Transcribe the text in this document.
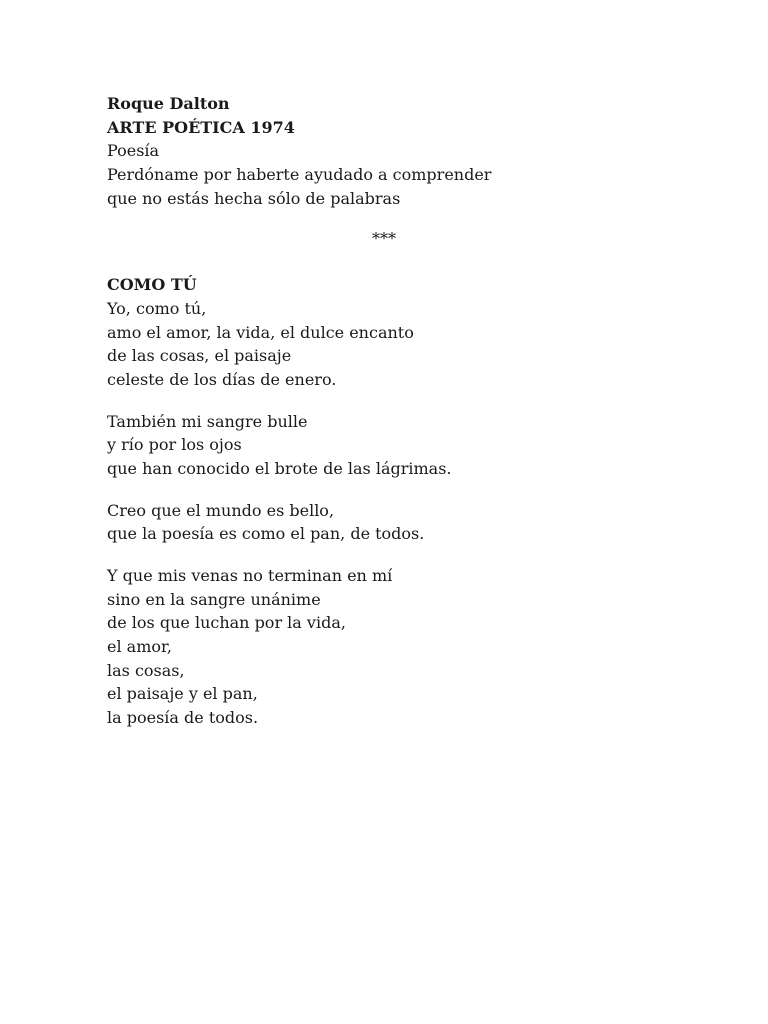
Roque Dalton
ARTE POÉTICA 1974
Poesía
Perdóname por haberte ayudado a comprender
que no estás hecha sólo de palabras
***
COMO TÚ
Yo, como tú,
amo el amor, la vida, el dulce encanto
de las cosas, el paisaje
celeste de los días de enero.
También mi sangre bulle
y río por los ojos
que han conocido el brote de las lágrimas.
Creo que el mundo es bello,
que la poesía es como el pan, de todos.
Y que mis venas no terminan en mí
sino en la sangre unánime
de los que luchan por la vida,
el amor,
las cosas,
el paisaje y el pan,
la poesía de todos.
